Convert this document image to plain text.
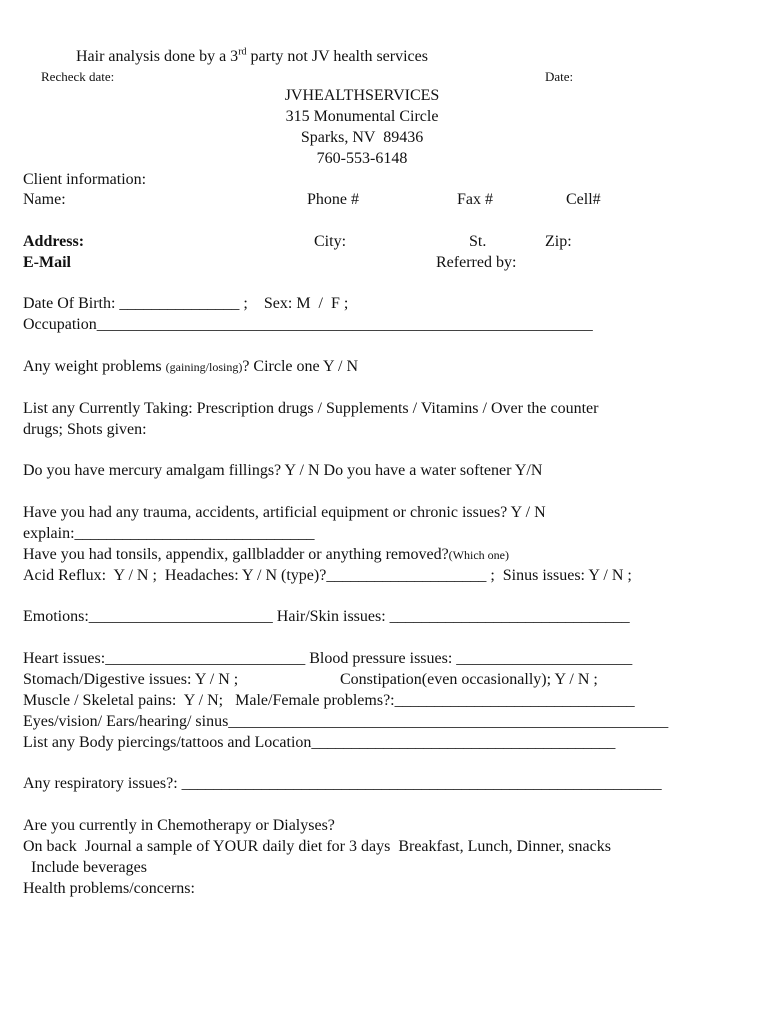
Hair analysis done by a 3rd party not JV health services
Recheck date:	Date:
JVHEALTHSERVICES
315 Monumental Circle
Sparks, NV  89436
760-553-6148
Client information:
Name:	Phone #	Fax #	Cell#
Address:	City:	St.	Zip:
E-Mail	Referred by:
Date Of Birth: _______________ ;    Sex: M  /  F ;
Occupation______________________________________________________________
Any weight problems (gaining/losing)? Circle one Y / N
List any Currently Taking: Prescription drugs / Supplements / Vitamins / Over the counter
drugs; Shots given:
Do you have mercury amalgam fillings? Y / N Do you have a water softener Y/N
Have you had any trauma, accidents, artificial equipment or chronic issues? Y / N
explain:______________________________
Have you had tonsils, appendix, gallbladder or anything removed?(Which one)
Acid Reflux:  Y / N ;  Headaches: Y / N (type)?____________________ ;  Sinus issues: Y / N ;
Emotions:_______________________ Hair/Skin issues: ______________________________
Heart issues:_________________________ Blood pressure issues: ______________________
Stomach/Digestive issues: Y / N ;	Constipation(even occasionally); Y / N ;
Muscle / Skeletal pains:  Y / N;   Male/Female problems?:______________________________
Eyes/vision/ Ears/hearing/ sinus_______________________________________________________
List any Body piercings/tattoos and Location______________________________________
Any respiratory issues?: ____________________________________________________________
Are you currently in Chemotherapy or Dialyses?
On back  Journal a sample of YOUR daily diet for 3 days  Breakfast, Lunch, Dinner, snacks
Include beverages
Health problems/concerns:
